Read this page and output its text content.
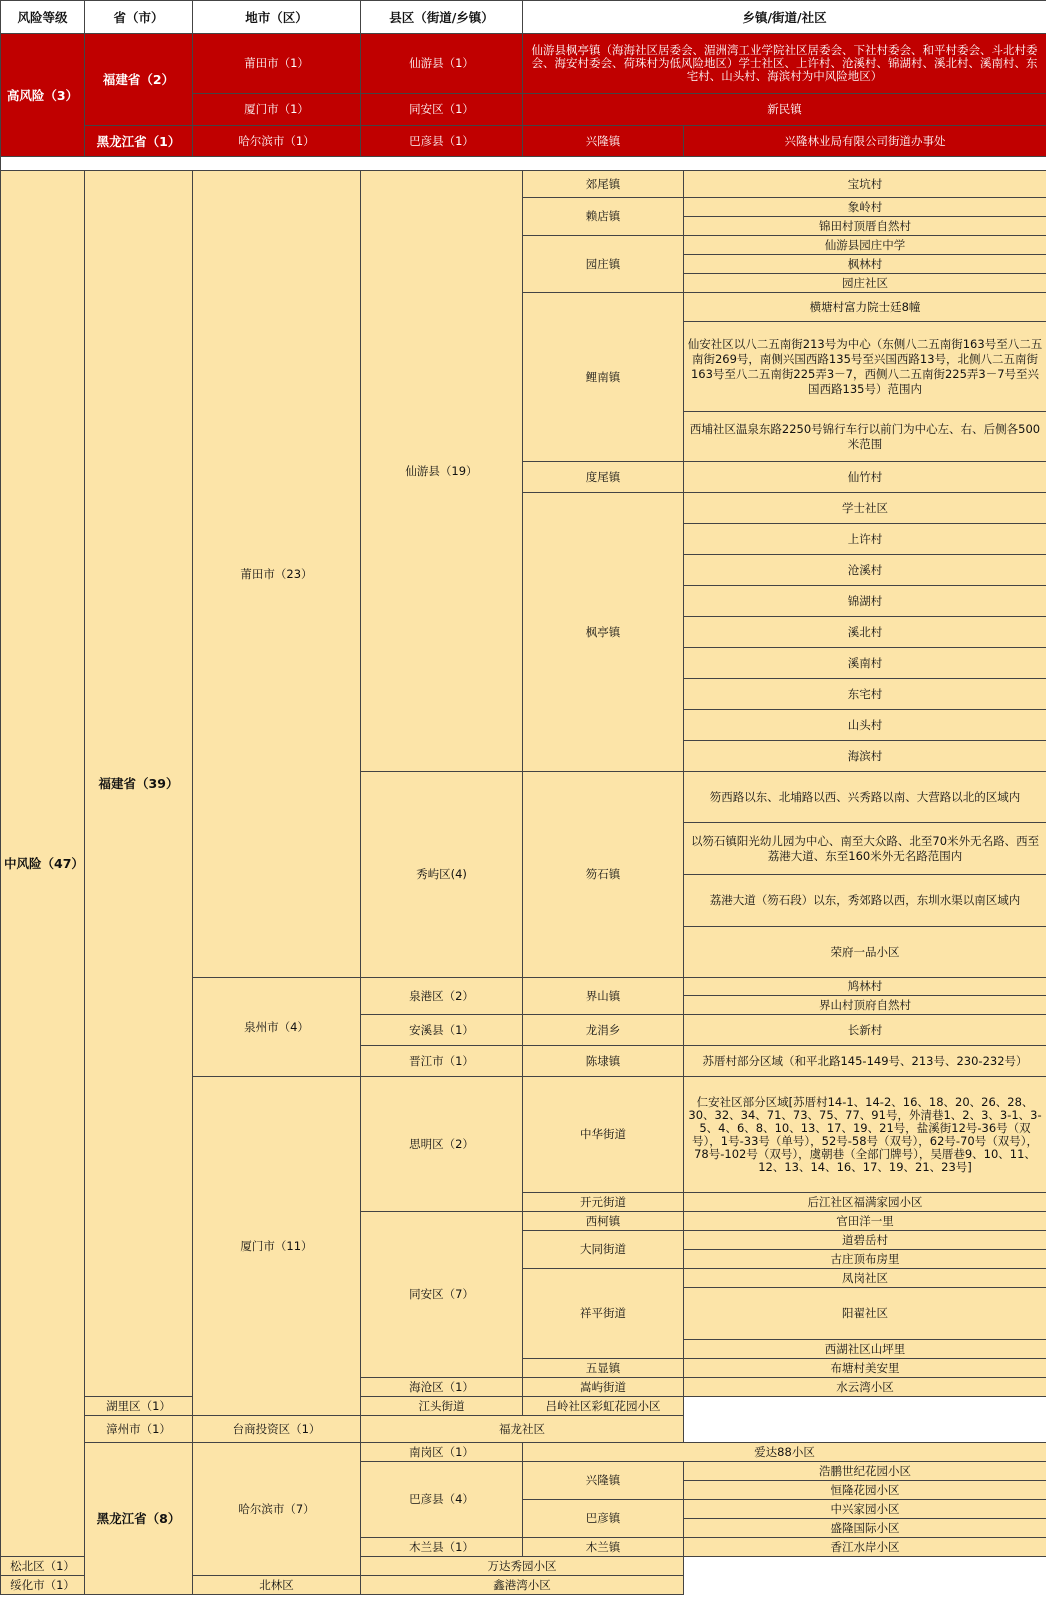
风险等级	省（市）	地市（区）	县区（街道/乡镇）	乡镇/街道/社区	
高风险（3）	福建省（2）	莆田市（1）	仙游县（1）	仙游县枫亭镇（海海社区居委会、湄洲湾工业学院社区居委会、下社村委会、和平村委会、斗北村委会、海安村委会、荷珠村为低风险地区）学士社区、上许村、沧溪村、锦湖村、溪北村、溪南村、东宅村、山头村、海滨村为中风险地区）	
		厦门市（1）	同安区（1）	新民镇	
	黑龙江省（1）	哈尔滨市（1）	巴彦县（1）	兴隆镇	兴隆林业局有限公司街道办事处

中风险（47）	福建省（39）	莆田市（23）	仙游县（19）	郊尾镇	宝坑村
				赖店镇	象岭村
					锦田村顶厝自然村
				园庄镇	仙游县园庄中学
					枫林村
					园庄社区
				鲤南镇	横塘村富力院士廷8幢
					仙安社区以八二五南街213号为中心（东侧八二五南街163号至八二五南街269号，南侧兴国西路135号至兴国西路13号，北侧八二五南街163号至八二五南街225弄3－7，西侧八二五南街225弄3－7号至兴国西路135号）范围内
					西埔社区温泉东路2250号锦行车行以前门为中心左、右、后侧各500米范围
				度尾镇	仙竹村
				枫亭镇	学士社区
					上许村
					沧溪村
					锦湖村
					溪北村
					溪南村
					东宅村
					山头村
					海滨村
			秀屿区(4)	笏石镇	笏西路以东、北埔路以西、兴秀路以南、大营路以北的区域内
					以笏石镇阳光幼儿园为中心、南至大众路、北至70米外无名路、西至荔港大道、东至160米外无名路范围内
					荔港大道（笏石段）以东，秀郊路以西，东圳水渠以南区域内
					荣府一品小区
		泉州市（4）	泉港区（2）	界山镇	鸠林村
					界山村顶府自然村
			安溪县（1）	龙涓乡	长新村
			晋江市（1）	陈埭镇	苏厝村部分区域（和平北路145-149号、213号、230-232号）
		厦门市（11）	思明区（2）	中华街道	仁安社区部分区域[苏厝村14-1、14-2、16、18、20、26、28、30、32、34、71、73、75、77、91号，外清巷1、2、3、3-1、3-5、4、6、8、10、13、17、19、21号，盐溪街12号-36号（双号），1号-33号（单号），52号-58号（双号），62号-70号（双号），78号-102号（双号），虞朝巷（全部门牌号），吴厝巷9、10、11、12、13、14、16、17、19、21、23号]
				开元街道	后江社区福满家园小区
			同安区（7）	西柯镇	官田洋一里
				大同街道	道碧岳村
					古庄顶布房里
				祥平街道	凤岗社区
					阳翟社区
					西湖社区山坪里
				五显镇	布塘村美安里
			海沧区（1）	嵩屿街道	水云湾小区
	湖里区（1）		江头街道	吕岭社区彩虹花园小区	
	漳州市（1）	台商投资区（1）	福龙社区		
	黑龙江省（8）	哈尔滨市（7）	南岗区（1）	爱达88小区	
			巴彦县（4）	兴隆镇	浩鹏世纪花园小区
					恒隆花园小区
				巴彦镇	中兴家园小区
					盛隆国际小区
			木兰县（1）	木兰镇	香江水岸小区
松北区（1）			万达秀园小区		
绥化市（1）		北林区	鑫港湾小区		
